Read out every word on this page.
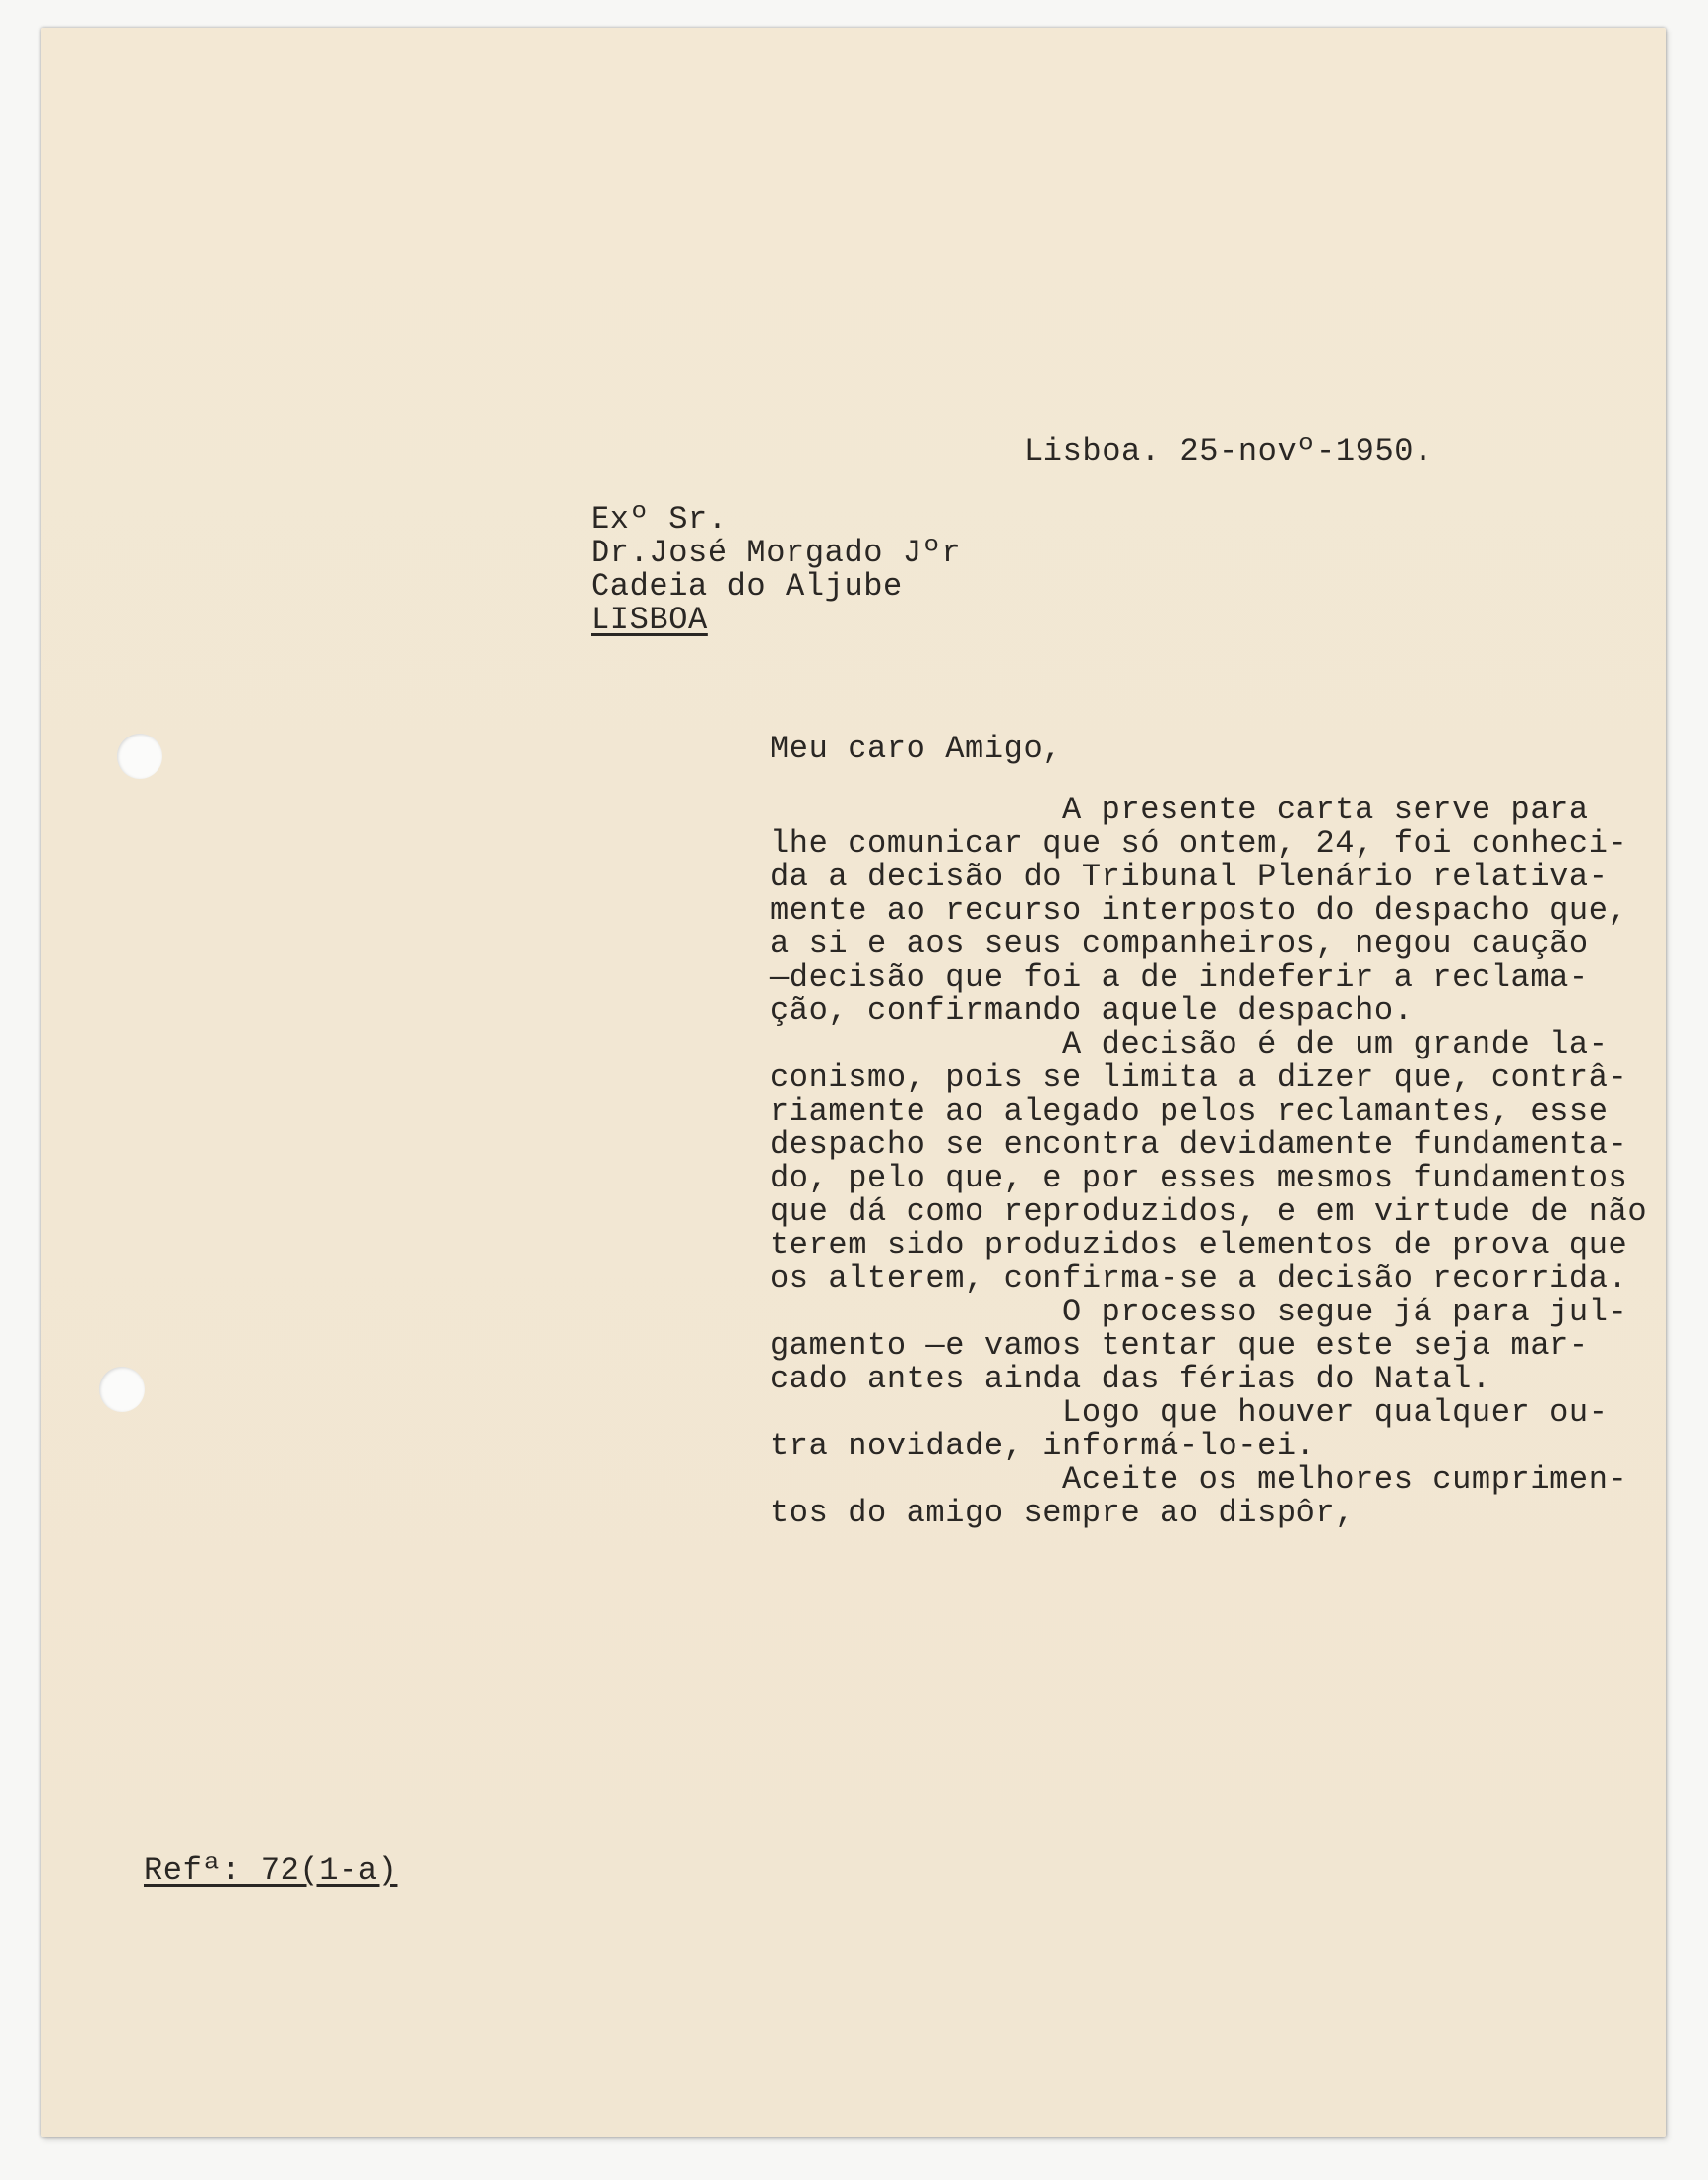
Lisboa. 25-novº-1950.

Exº Sr.

Dr.José Morgado Jºr

Cadeia do Aljube

LISBOA

Meu caro Amigo,

A presente carta serve para

lhe comunicar que só ontem, 24, foi conheci-

da a decisão do Tribunal Plenário relativa-

mente ao recurso interposto do despacho que,

a si e aos seus companheiros, negou caução

—decisão que foi a de indeferir a reclama-

ção, confirmando aquele despacho.

A decisão é de um grande la-

conismo, pois se limita a dizer que, contrâ-

riamente ao alegado pelos reclamantes, esse

despacho se encontra devidamente fundamenta-

do, pelo que, e por esses mesmos fundamentos

que dá como reproduzidos, e em virtude de não

terem sido produzidos elementos de prova que

os alterem, confirma-se a decisão recorrida.

O processo segue já para jul-

gamento —e vamos tentar que este seja mar-

cado antes ainda das férias do Natal.

Logo que houver qualquer ou-

tra novidade, informá-lo-ei.

Aceite os melhores cumprimen-

tos do amigo sempre ao dispôr,

Refª: 72(1-a)
